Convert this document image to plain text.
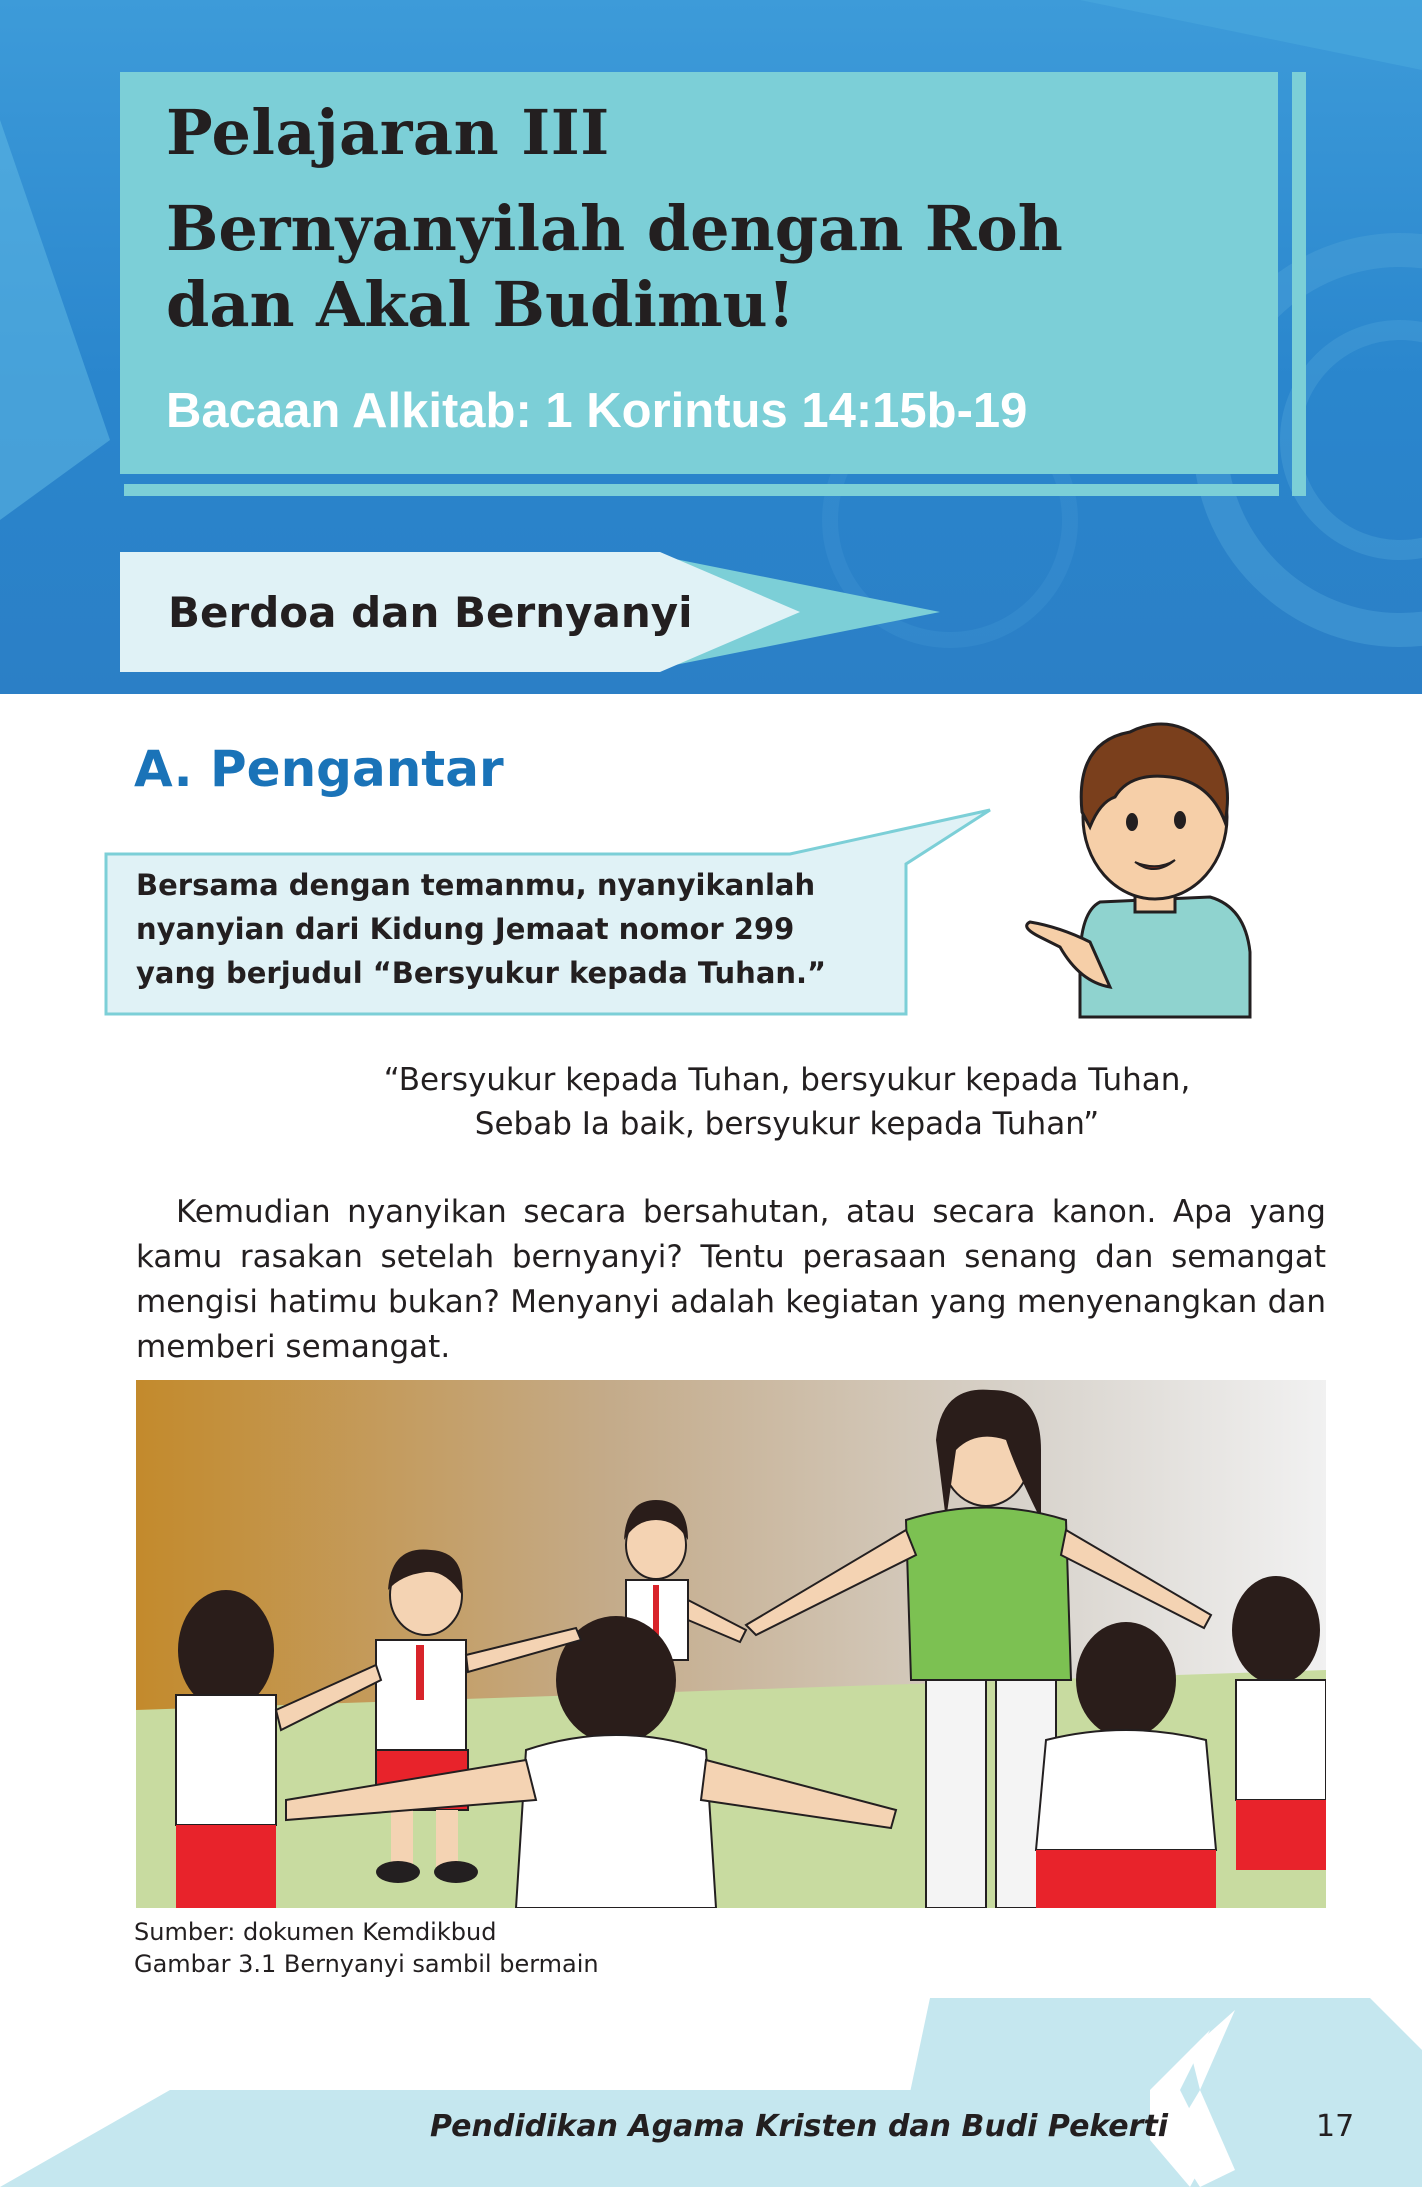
Pelajaran III
Bernyanyilah dengan Roh
dan Akal Budimu!
Bacaan Alkitab: 1 Korintus 14:15b-19
Berdoa dan Bernyanyi
A. Pengantar
Bersama dengan temanmu, nyanyikanlah
nyanyian dari Kidung Jemaat nomor 299
yang berjudul “Bersyukur kepada Tuhan.”
“Bersyukur kepada Tuhan, bersyukur kepada Tuhan,
Sebab Ia baik, bersyukur kepada Tuhan”
Kemudian nyanyikan secara bersahutan, atau secara kanon. Apa yang kamu rasakan setelah bernyanyi? Tentu perasaan senang dan semangat mengisi hatimu bukan? Menyanyi adalah kegiatan yang menyenangkan dan memberi semangat.
Sumber: dokumen Kemdikbud
Gambar 3.1 Bernyanyi sambil bermain
Pendidikan Agama Kristen dan Budi Pekerti	17
